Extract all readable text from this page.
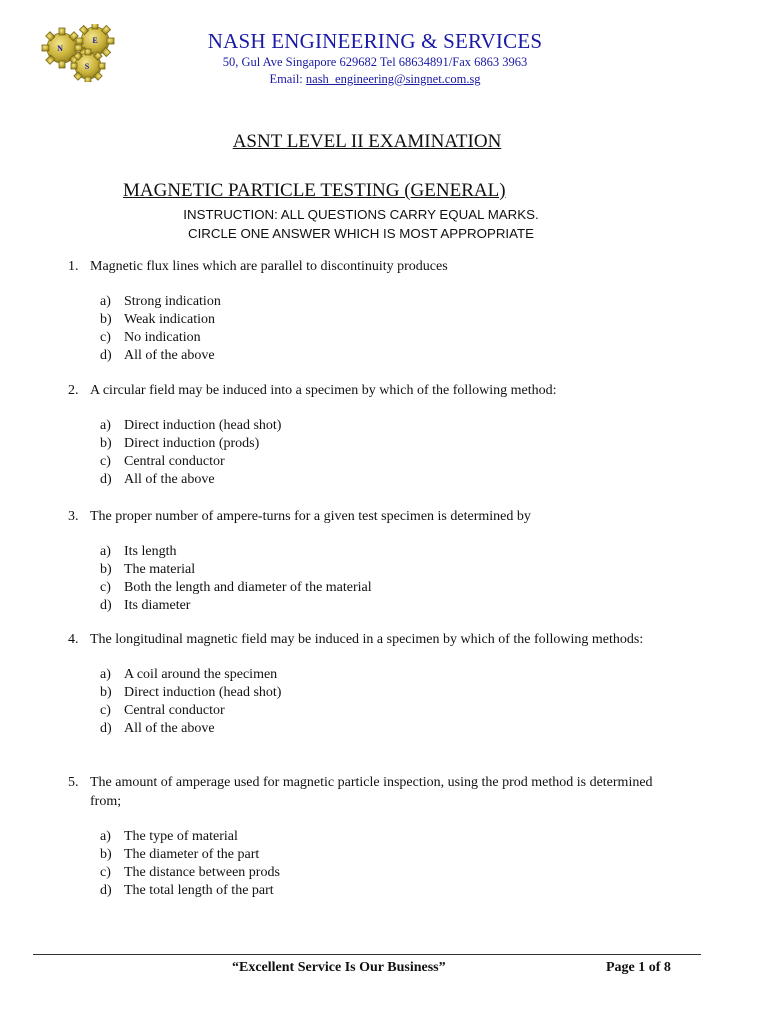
N
E
S
NASH ENGINEERING & SERVICES
50, Gul Ave Singapore 629682 Tel 68634891/Fax 6863 3963
Email: nash_engineering@singnet.com.sg
ASNT LEVEL II EXAMINATION
MAGNETIC PARTICLE TESTING (GENERAL)
INSTRUCTION: ALL QUESTIONS CARRY EQUAL MARKS.
CIRCLE ONE ANSWER WHICH IS MOST APPROPRIATE
1. Magnetic flux lines which are parallel to discontinuity produces
a) Strong indication
b) Weak indication
c) No indication
d) All of the above
2. A circular field may be induced into a specimen by which of the following method:
a) Direct induction (head shot)
b) Direct induction (prods)
c) Central conductor
d) All of the above
3. The proper number of ampere-turns for a given test specimen is determined by
a) Its length
b) The material
c) Both the length and diameter of the material
d) Its diameter
4. The longitudinal magnetic field may be induced in a specimen by which of the following methods:
a) A coil around the specimen
b) Direct induction (head shot)
c) Central conductor
d) All of the above
5. The amount of amperage used for magnetic particle inspection, using the prod method is determined from;
a) The type of material
b) The diameter of the part
c) The distance between prods
d) The total length of the part
“Excellent Service Is Our Business”	Page 1 of 8
